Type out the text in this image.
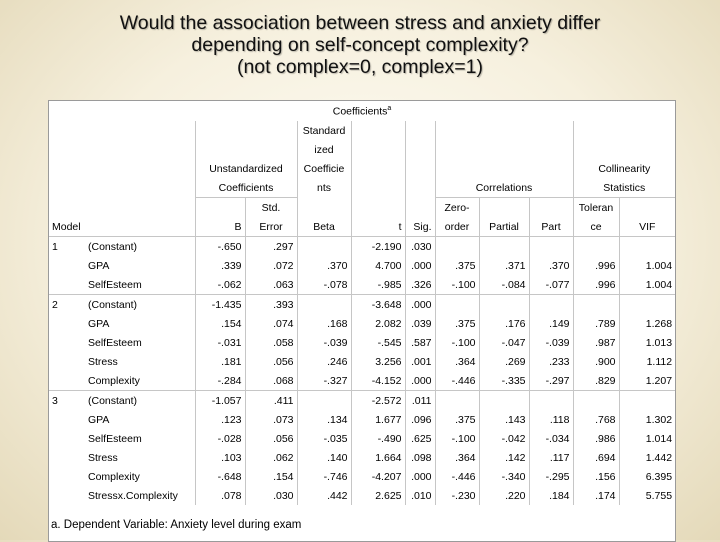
Would the association between stress and anxiety differ
depending on self-concept complexity?
(not complex=0, complex=1)
Coefficients$^a$
				Standard							
				ized							
		Unstandardized		Coefficie						Collinearity	
		Coefficients		nts			Correlations			Statistics	
			Std.				Zero-			Toleran	
Model		B	Error	Beta	t	Sig.	order	Partial	Part	ce	VIF
1	(Constant)	-.650	.297		-2.190	.030					
	GPA	.339	.072	.370	4.700	.000	.375	.371	.370	.996	1.004
	SelfEsteem	-.062	.063	-.078	-.985	.326	-.100	-.084	-.077	.996	1.004
2	(Constant)	-1.435	.393		-3.648	.000					
	GPA	.154	.074	.168	2.082	.039	.375	.176	.149	.789	1.268
	SelfEsteem	-.031	.058	-.039	-.545	.587	-.100	-.047	-.039	.987	1.013
	Stress	.181	.056	.246	3.256	.001	.364	.269	.233	.900	1.112
	Complexity	-.284	.068	-.327	-4.152	.000	-.446	-.335	-.297	.829	1.207
3	(Constant)	-1.057	.411		-2.572	.011					
	GPA	.123	.073	.134	1.677	.096	.375	.143	.118	.768	1.302
	SelfEsteem	-.028	.056	-.035	-.490	.625	-.100	-.042	-.034	.986	1.014
	Stress	.103	.062	.140	1.664	.098	.364	.142	.117	.694	1.442
	Complexity	-.648	.154	-.746	-4.207	.000	-.446	-.340	-.295	.156	6.395
	Stressx.Complexity	.078	.030	.442	2.625	.010	-.230	.220	.184	.174	5.755
a. Dependent Variable: Anxiety level during exam
